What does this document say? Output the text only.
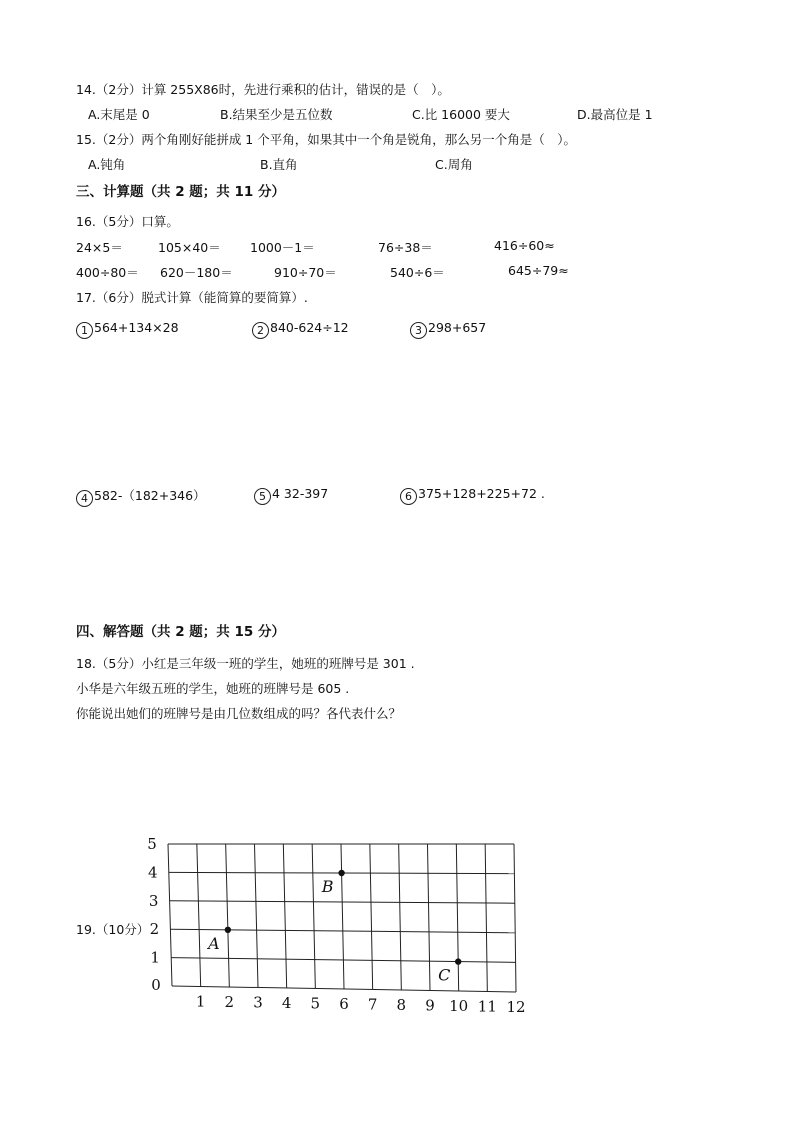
14.（2分）计算 255X86时，先进行乘积的估计，错误的是（　）。
A.末尾是 0	B.结果至少是五位数	C.比 16000 要大	D.最高位是 1
15.（2分）两个角刚好能拼成 1 个平角，如果其中一个角是锐角，那么另一个角是（　）。
A.钝角	B.直角	C.周角
三、计算题（共 2 题；共 11 分）
16.（5分）口算。
24×5＝	105×40＝ 1000－1＝	76÷38＝	416÷60≈
400÷80＝ 620－180＝	910÷70＝	540÷6＝	645÷79≈
17.（6分）脱式计算（能简算的要简算）.
1 564+134×28	2 840-624÷12	3 298+657
4 582-（182+346）	5 4 32-397	6 375+128+225+72 .
四、解答题（共 2 题；共 15 分）
18.（5分）小红是三年级一班的学生，她班的班牌号是 301 .
小华是六年级五班的学生，她班的班牌号是 605 .
你能说出她们的班牌号是由几位数组成的吗？各代表什么？
19.（10分）
1 2 3 4 5 6 7 8 9 10 11 12
0
1
2
3
4
5
A
B
C
